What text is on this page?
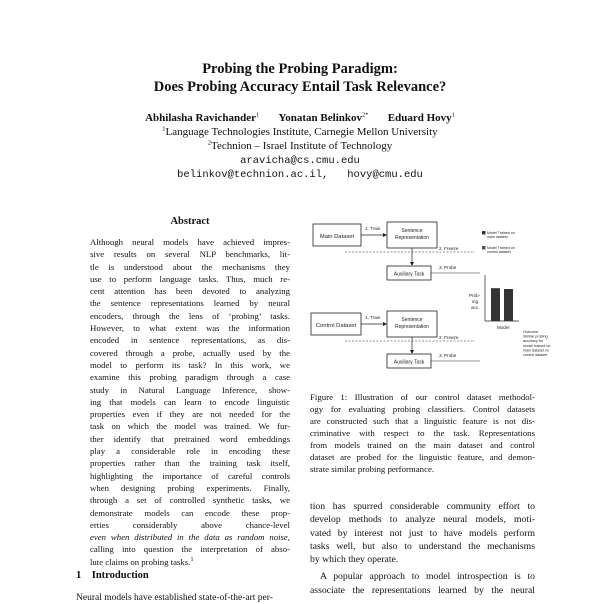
Probing the Probing Paradigm:
Does Probing Accuracy Entail Task Relevance?
Abhilasha Ravichander$^1$ Yonatan Belinkov$^{2*}$ Eduard Hovy$^1$
$^1$Language Technologies Institute, Carnegie Mellon University
$^2$Technion – Israel Institute of Technology
aravicha@cs.cmu.edu
belinkov@technion.ac.il, hovy@cmu.edu
Abstract
Although neural models have achieved impres-
sive results on several NLP benchmarks, lit-
tle is understood about the mechanisms they
use to perform language tasks. Thus, much re-
cent attention has been devoted to analyzing
the sentence representations learned by neural
encoders, through the lens of ‘probing’ tasks.
However, to what extent was the information
encoded in sentence representations, as dis-
covered through a probe, actually used by the
model to perform its task? In this work, we
examine this probing paradigm through a case
study in Natural Language Inference, show-
ing that models can learn to encode linguistic
properties even if they are not needed for the
task on which the model was trained. We fur-
ther identify that pretrained word embeddings
play a considerable role in encoding these
properties rather than the training task itself,
highlighting the importance of careful controls
when designing probing experiments. Finally,
through a set of controlled synthetic tasks, we
demonstrate models can encode these prop-
erties considerably above chance-level
even when distributed in the data as random noise,
calling into question the interpretation of abso-
lute claims on probing tasks.$^1$
1 Introduction
Neural models have established state-of-the-art per-
Main Dataset
1. Train	Sentence
Representation
2. Freeze
Auxiliary Task
3. Probe
Control Dataset
1. Train	Sentence
Representation
2. Freeze
Auxiliary Task
3. Probe
Model Trained on
main dataset
Model Trained on
control dataset
Prob-
ing
acc.
Model
Outcome:
Similar probing
accuracy for
model trained on
main dataset vs
control dataset
Figure 1: Illustration of our control dataset methodol-
ogy for evaluating probing classifiers. Control datasets
are constructed such that a linguistic feature is not dis-
criminative with respect to the task. Representations
from models trained on the main dataset and control
dataset are probed for the linguistic feature, and demon-
strate similar probing performance.
tion has spurred considerable community effort to
develop methods to analyze neural models, moti-
vated by interest not just to have models perform
tasks well, but also to understand the mechanisms
by which they operate.
A popular approach to model introspection is to
associate the representations learned by the neural
